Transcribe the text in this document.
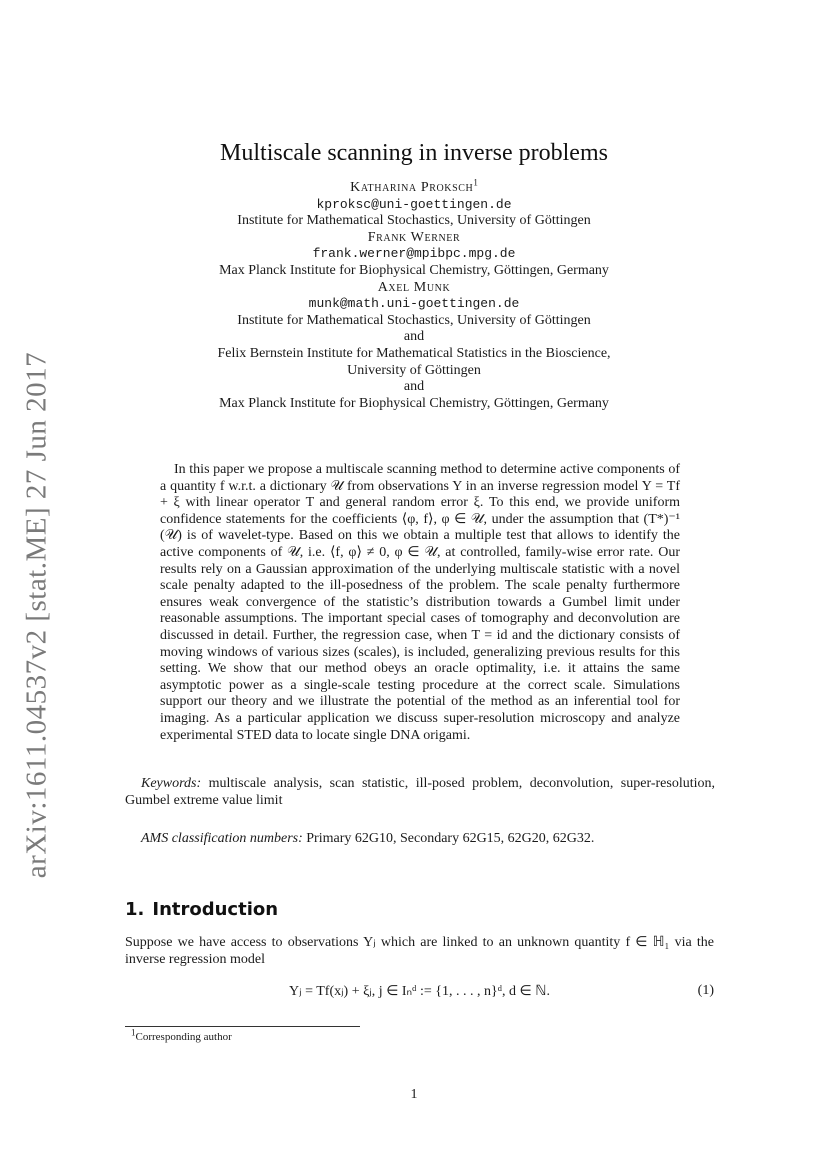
arXiv:1611.04537v2 [stat.ME] 27 Jun 2017
Multiscale scanning in inverse problems
Katharina Proksch$^1$
kproksc@uni-goettingen.de
Institute for Mathematical Stochastics, University of Göttingen
Frank Werner
frank.werner@mpibpc.mpg.de
Max Planck Institute for Biophysical Chemistry, Göttingen, Germany
Axel Munk
munk@math.uni-goettingen.de
Institute for Mathematical Stochastics, University of Göttingen
and
Felix Bernstein Institute for Mathematical Statistics in the Bioscience,
University of Göttingen
and
Max Planck Institute for Biophysical Chemistry, Göttingen, Germany
In this paper we propose a multiscale scanning method to determine active components of a quantity f w.r.t. a dictionary 𝒰 from observations Y in an inverse regression model Y = Tf + ξ with linear operator T and general random error ξ. To this end, we provide uniform confidence statements for the coefficients ⟨φ, f⟩, φ ∈ 𝒰, under the assumption that (T*)⁻¹ (𝒰) is of wavelet-type. Based on this we obtain a multiple test that allows to identify the active components of 𝒰, i.e. ⟨f, φ⟩ ≠ 0, φ ∈ 𝒰, at controlled, family-wise error rate. Our results rely on a Gaussian approximation of the underlying multiscale statistic with a novel scale penalty adapted to the ill-posedness of the problem. The scale penalty furthermore ensures weak convergence of the statistic’s distribution towards a Gumbel limit under reasonable assumptions. The important special cases of tomography and deconvolution are discussed in detail. Further, the regression case, when T = id and the dictionary consists of moving windows of various sizes (scales), is included, generalizing previous results for this setting. We show that our method obeys an oracle optimality, i.e. it attains the same asymptotic power as a single-scale testing procedure at the correct scale. Simulations support our theory and we illustrate the potential of the method as an inferential tool for imaging. As a particular application we discuss super-resolution microscopy and analyze experimental STED data to locate single DNA origami.
Keywords: multiscale analysis, scan statistic, ill-posed problem, deconvolution, super-resolution, Gumbel extreme value limit
AMS classification numbers: Primary 62G10, Secondary 62G15, 62G20, 62G32.
1. Introduction
Suppose we have access to observations Yⱼ which are linked to an unknown quantity f ∈ ℍ₁ via the inverse regression model
Yⱼ = Tf(xⱼ) + ξⱼ, j ∈ Iₙᵈ := {1, . . . , n}ᵈ, d ∈ ℕ.	(1)
$^1$Corresponding author
1
